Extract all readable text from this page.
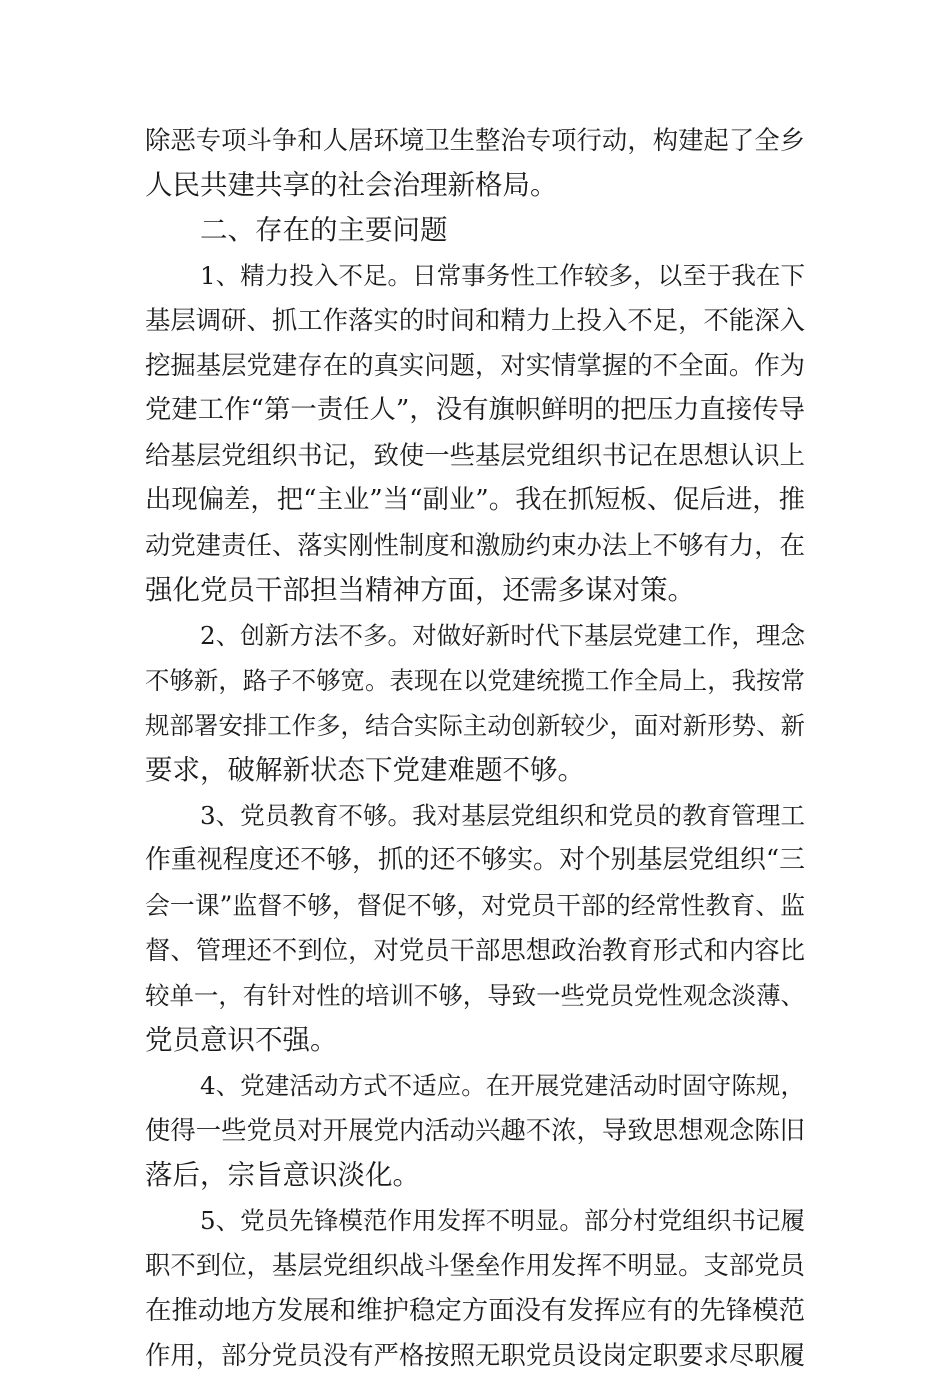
除恶专项斗争和人居环境卫生整治专项行动，构建起了全乡
人民共建共享的社会治理新格局。
二、存在的主要问题
1、精力投入不足。日常事务性工作较多，以至于我在下
基层调研、抓工作落实的时间和精力上投入不足，不能深入
挖掘基层党建存在的真实问题，对实情掌握的不全面。作为
党建工作“第一责任人”，没有旗帜鲜明的把压力直接传导
给基层党组织书记，致使一些基层党组织书记在思想认识上
出现偏差，把“主业”当“副业”。我在抓短板、促后进，推
动党建责任、落实刚性制度和激励约束办法上不够有力，在
强化党员干部担当精神方面，还需多谋对策。
2、创新方法不多。对做好新时代下基层党建工作，理念
不够新，路子不够宽。表现在以党建统揽工作全局上，我按常
规部署安排工作多，结合实际主动创新较少，面对新形势、新
要求，破解新状态下党建难题不够。
3、党员教育不够。我对基层党组织和党员的教育管理工
作重视程度还不够，抓的还不够实。对个别基层党组织“三
会一课”监督不够，督促不够，对党员干部的经常性教育、监
督、管理还不到位，对党员干部思想政治教育形式和内容比
较单一，有针对性的培训不够，导致一些党员党性观念淡薄、
党员意识不强。
4、党建活动方式不适应。在开展党建活动时固守陈规，
使得一些党员对开展党内活动兴趣不浓，导致思想观念陈旧
落后，宗旨意识淡化。
5、党员先锋模范作用发挥不明显。部分村党组织书记履
职不到位，基层党组织战斗堡垒作用发挥不明显。支部党员
在推动地方发展和维护稳定方面没有发挥应有的先锋模范
作用，部分党员没有严格按照无职党员设岗定职要求尽职履
